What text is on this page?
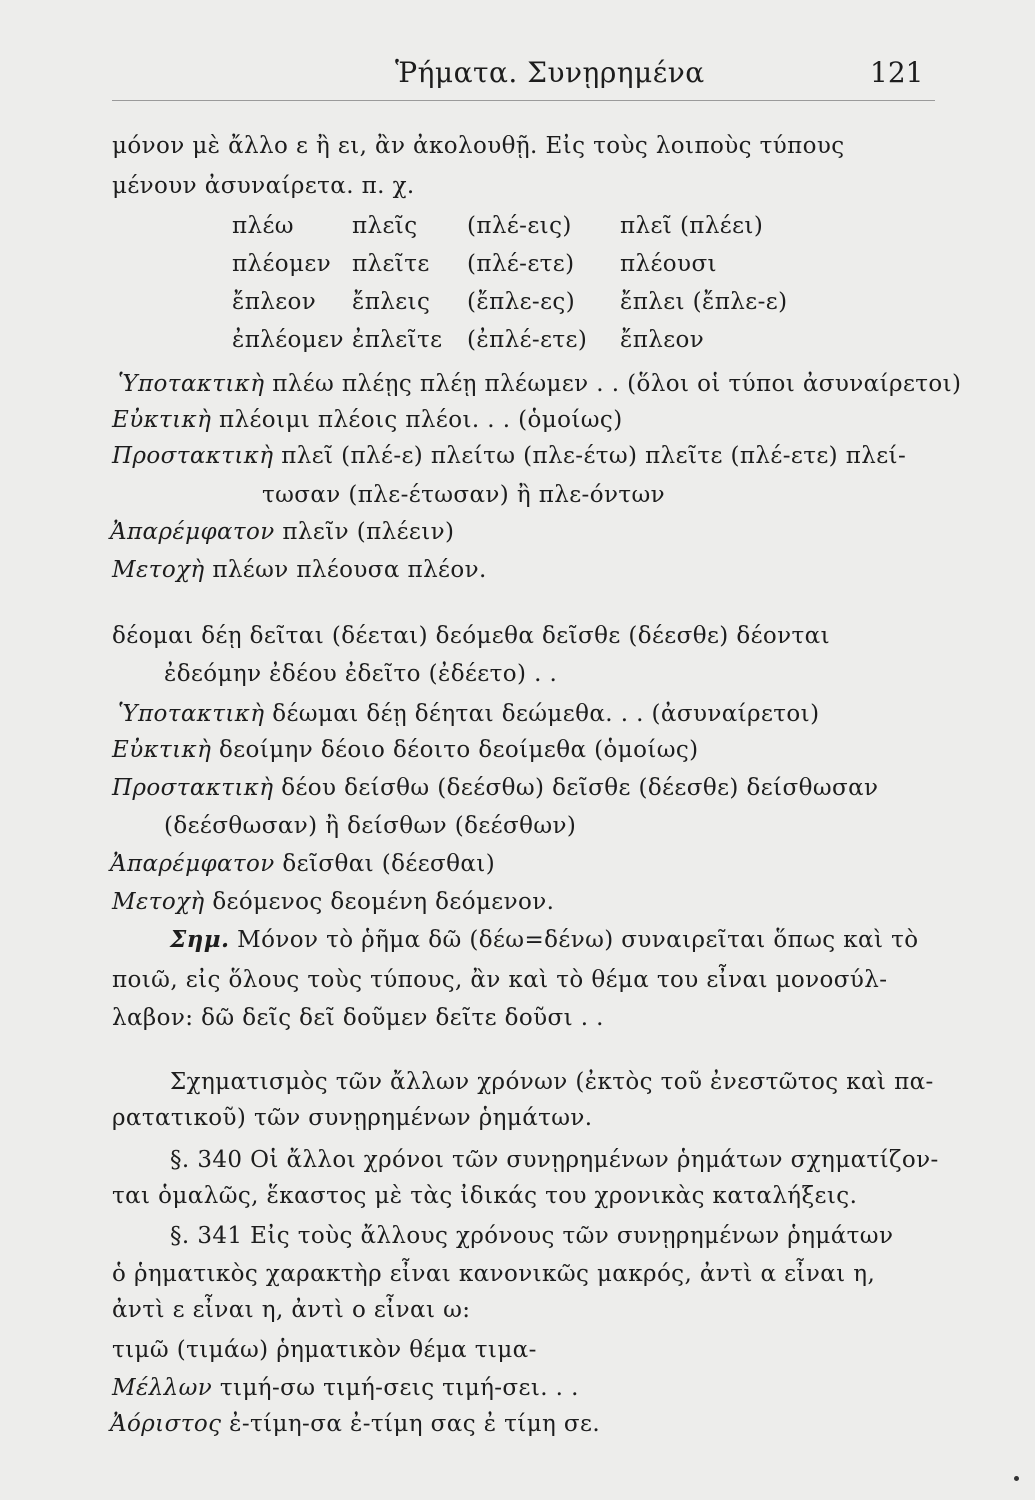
Ῥήματα. Συνῃρημένα	121
μόνον μὲ ἄλλο ε ἢ ει, ἂν ἀκολουθῇ. Εἰς τοὺς λοιποὺς τύπους
μένουν ἀσυναίρετα. π. χ.
πλέω	πλεῖς (πλέ-εις) πλεῖ (πλέει)
πλέομεν πλεῖτε (πλέ-ετε) πλέουσι
ἔπλεον ἔπλεις (ἔπλε-ες) ἔπλει (ἔπλε-ε)
ἐπλέομεν ἐπλεῖτε (ἐπλέ-ετε) ἔπλεον
Ὑποτακτικὴ πλέω πλέῃς πλέῃ πλέωμεν . . (ὅλοι οἱ τύποι ἀσυναίρετοι)
Εὐκτικὴ πλέοιμι πλέοις πλέοι. . . (ὁμοίως)
Προστακτικὴ πλεῖ (πλέ-ε) πλείτω (πλε-έτω) πλεῖτε (πλέ-ετε) πλεί-
τωσαν (πλε-έτωσαν) ἢ πλε-όντων
Ἀπαρέμφατον πλεῖν (πλέειν)
Μετοχὴ πλέων πλέουσα πλέον.
δέομαι δέῃ δεῖται (δέεται) δεόμεθα δεῖσθε (δέεσθε) δέονται
ἐδεόμην ἐδέου ἐδεῖτο (ἐδέετο) . .
Ὑποτακτικὴ δέωμαι δέῃ δέηται δεώμεθα. . . (ἀσυναίρετοι)
Εὐκτικὴ δεοίμην δέοιο δέοιτο δεοίμεθα (ὁμοίως)
Προστακτικὴ δέου δείσθω (δεέσθω) δεῖσθε (δέεσθε) δείσθωσαν
(δεέσθωσαν) ἢ δείσθων (δεέσθων)
Ἀπαρέμφατον δεῖσθαι (δέεσθαι)
Μετοχὴ δεόμενος δεομένη δεόμενον.
Σημ. Μόνον τὸ ῥῆμα δῶ (δέω=δένω) συναιρεῖται ὅπως καὶ τὸ
ποιῶ, εἰς ὅλους τοὺς τύπους, ἂν καὶ τὸ θέμα του εἶναι μονοσύλ-
λαβον: δῶ δεῖς δεῖ δοῦμεν δεῖτε δοῦσι . .
Σχηματισμὸς τῶν ἄλλων χρόνων (ἐκτὸς τοῦ ἐνεστῶτος καὶ πα-
ρατατικοῦ) τῶν συνῃρημένων ῥημάτων.
§. 340 Οἱ ἄλλοι χρόνοι τῶν συνῃρημένων ῥημάτων σχηματίζον-
ται ὁμαλῶς, ἕκαστος μὲ τὰς ἰδικάς του χρονικὰς καταλήξεις.
§. 341 Εἰς τοὺς ἄλλους χρόνους τῶν συνῃρημένων ῥημάτων
ὁ ῥηματικὸς χαρακτὴρ εἶναι κανονικῶς μακρός, ἀντὶ α εἶναι η,
ἀντὶ ε εἶναι η, ἀντὶ ο εἶναι ω:
τιμῶ (τιμάω) ῥηματικὸν θέμα τιμα-
Μέλλων τιμή-σω τιμή-σεις τιμή-σει. . .
Ἀόριστος ἐ-τίμη-σα ἐ-τίμη σας ἐ τίμη σε.
